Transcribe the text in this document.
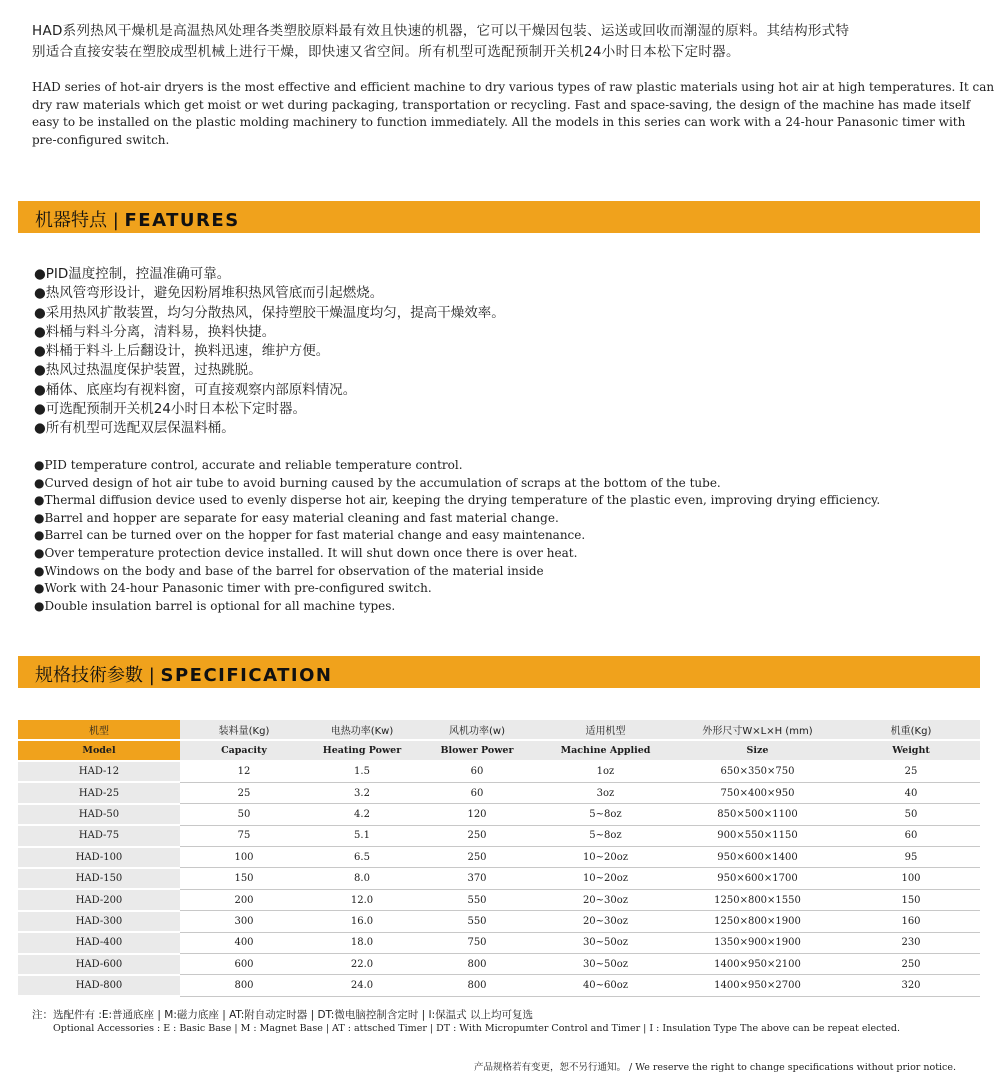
HAD系列热风干燥机是高温热风处理各类塑胶原料最有效且快速的机器，它可以干燥因包装、运送或回收而潮湿的原料。其结构形式特
别适合直接安装在塑胶成型机械上进行干燥，即快速又省空间。所有机型可选配预制开关机24小时日本松下定时器。
HAD series of hot-air dryers is the most effective and efficient machine to dry various types of raw plastic materials using hot air at high temperatures. It can
dry raw materials which get moist or wet during packaging, transportation or recycling. Fast and space-saving, the design of the machine has made itself
easy to be installed on the plastic molding machinery to function immediately. All the models in this series can work with a 24-hour Panasonic timer with
pre-configured switch.
机器特点 | FEATURES
●PID温度控制，控温准确可靠。
●热风管弯形设计，避免因粉屑堆积热风管底而引起燃烧。
●采用热风扩散装置，均匀分散热风，保持塑胶干燥温度均匀，提高干燥效率。
●料桶与料斗分离，清料易，换料快捷。
●料桶于料斗上后翻设计，换料迅速，维护方便。
●热风过热温度保护装置，过热跳脱。
●桶体、底座均有视料窗，可直接观察内部原料情况。
●可选配预制开关机24小时日本松下定时器。
●所有机型可选配双层保温料桶。
●PID temperature control, accurate and reliable temperature control.
●Curved design of hot air tube to avoid burning caused by the accumulation of scraps at the bottom of the tube.
●Thermal diffusion device used to evenly disperse hot air, keeping the drying temperature of the plastic even, improving drying efficiency.
●Barrel and hopper are separate for easy material cleaning and fast material change.
●Barrel can be turned over on the hopper for fast material change and easy maintenance.
●Over temperature protection device installed. It will shut down once there is over heat.
●Windows on the body and base of the barrel for observation of the material inside
●Work with 24-hour Panasonic timer with pre-configured switch.
●Double insulation barrel is optional for all machine types.
规格技術参數 | SPECIFICATION
机型	装料量(Kg)	电热功率(Kw)	风机功率(w)	适用机型	外形尺寸W×L×H (mm)	机重(Kg)
Model	Capacity	Heating Power	Blower Power	Machine Applied	Size	Weight
HAD-12	12	1.5	60	1oz	650×350×750	25
HAD-25	25	3.2	60	3oz	750×400×950	40
HAD-50	50	4.2	120	5~8oz	850×500×1100	50
HAD-75	75	5.1	250	5~8oz	900×550×1150	60
HAD-100	100	6.5	250	10~20oz	950×600×1400	95
HAD-150	150	8.0	370	10~20oz	950×600×1700	100
HAD-200	200	12.0	550	20~30oz	1250×800×1550	150
HAD-300	300	16.0	550	20~30oz	1250×800×1900	160
HAD-400	400	18.0	750	30~50oz	1350×900×1900	230
HAD-600	600	22.0	800	30~50oz	1400×950×2100	250
HAD-800	800	24.0	800	40~60oz	1400×950×2700	320
注：选配件有 :E:普通底座 | M:磁力底座 | AT:附自动定时器 | DT:微电脑控制含定时 | I:保温式 以上均可复选
Optional Accessories : E : Basic Base | M : Magnet Base | AT : attsched Timer | DT : With Micropumter Control and Timer | I : Insulation Type The above can be repeat elected.
产品规格若有变更，恕不另行通知。 / We reserve the right to change specifications without prior notice.
